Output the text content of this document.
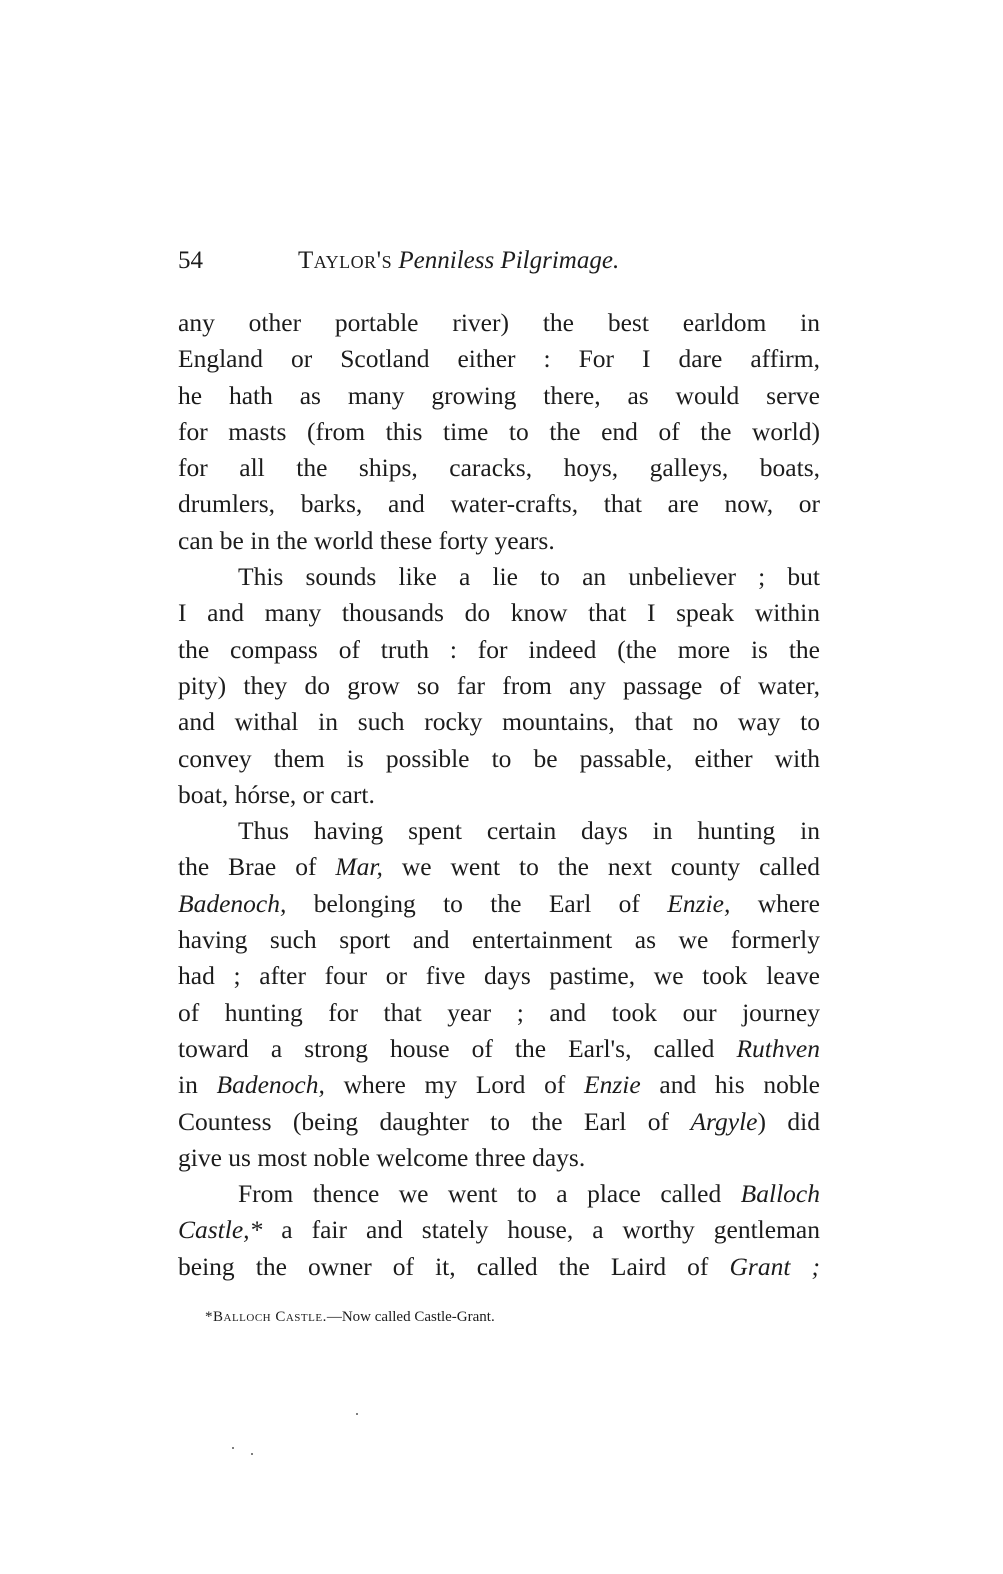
54	Taylor's Penniless Pilgrimage.
any other portable river) the best earldom in
England or Scotland either : For I dare affirm,
he hath as many growing there, as would serve
for masts (from this time to the end of the world)
for all the ships, caracks, hoys, galleys, boats,
drumlers, barks, and water-crafts, that are now, or
can be in the world these forty years.
This sounds like a lie to an unbeliever ; but
I and many thousands do know that I speak within
the compass of truth : for indeed (the more is the
pity) they do grow so far from any passage of water,
and withal in such rocky mountains, that no way to
convey them is possible to be passable, either with
boat, hórse, or cart.
Thus having spent certain days in hunting in
the Brae of Mar, we went to the next county called
Badenoch, belonging to the Earl of Enzie, where
having such sport and entertainment as we formerly
had ; after four or five days pastime, we took leave
of hunting for that year ; and took our journey
toward a strong house of the Earl's, called Ruthven
in Badenoch, where my Lord of Enzie and his noble
Countess (being daughter to the Earl of Argyle) did
give us most noble welcome three days.
From thence we went to a place called Balloch
Castle,* a fair and stately house, a worthy gentleman
being the owner of it, called the Laird of Grant ;
*Balloch Castle.—Now called Castle-Grant.
